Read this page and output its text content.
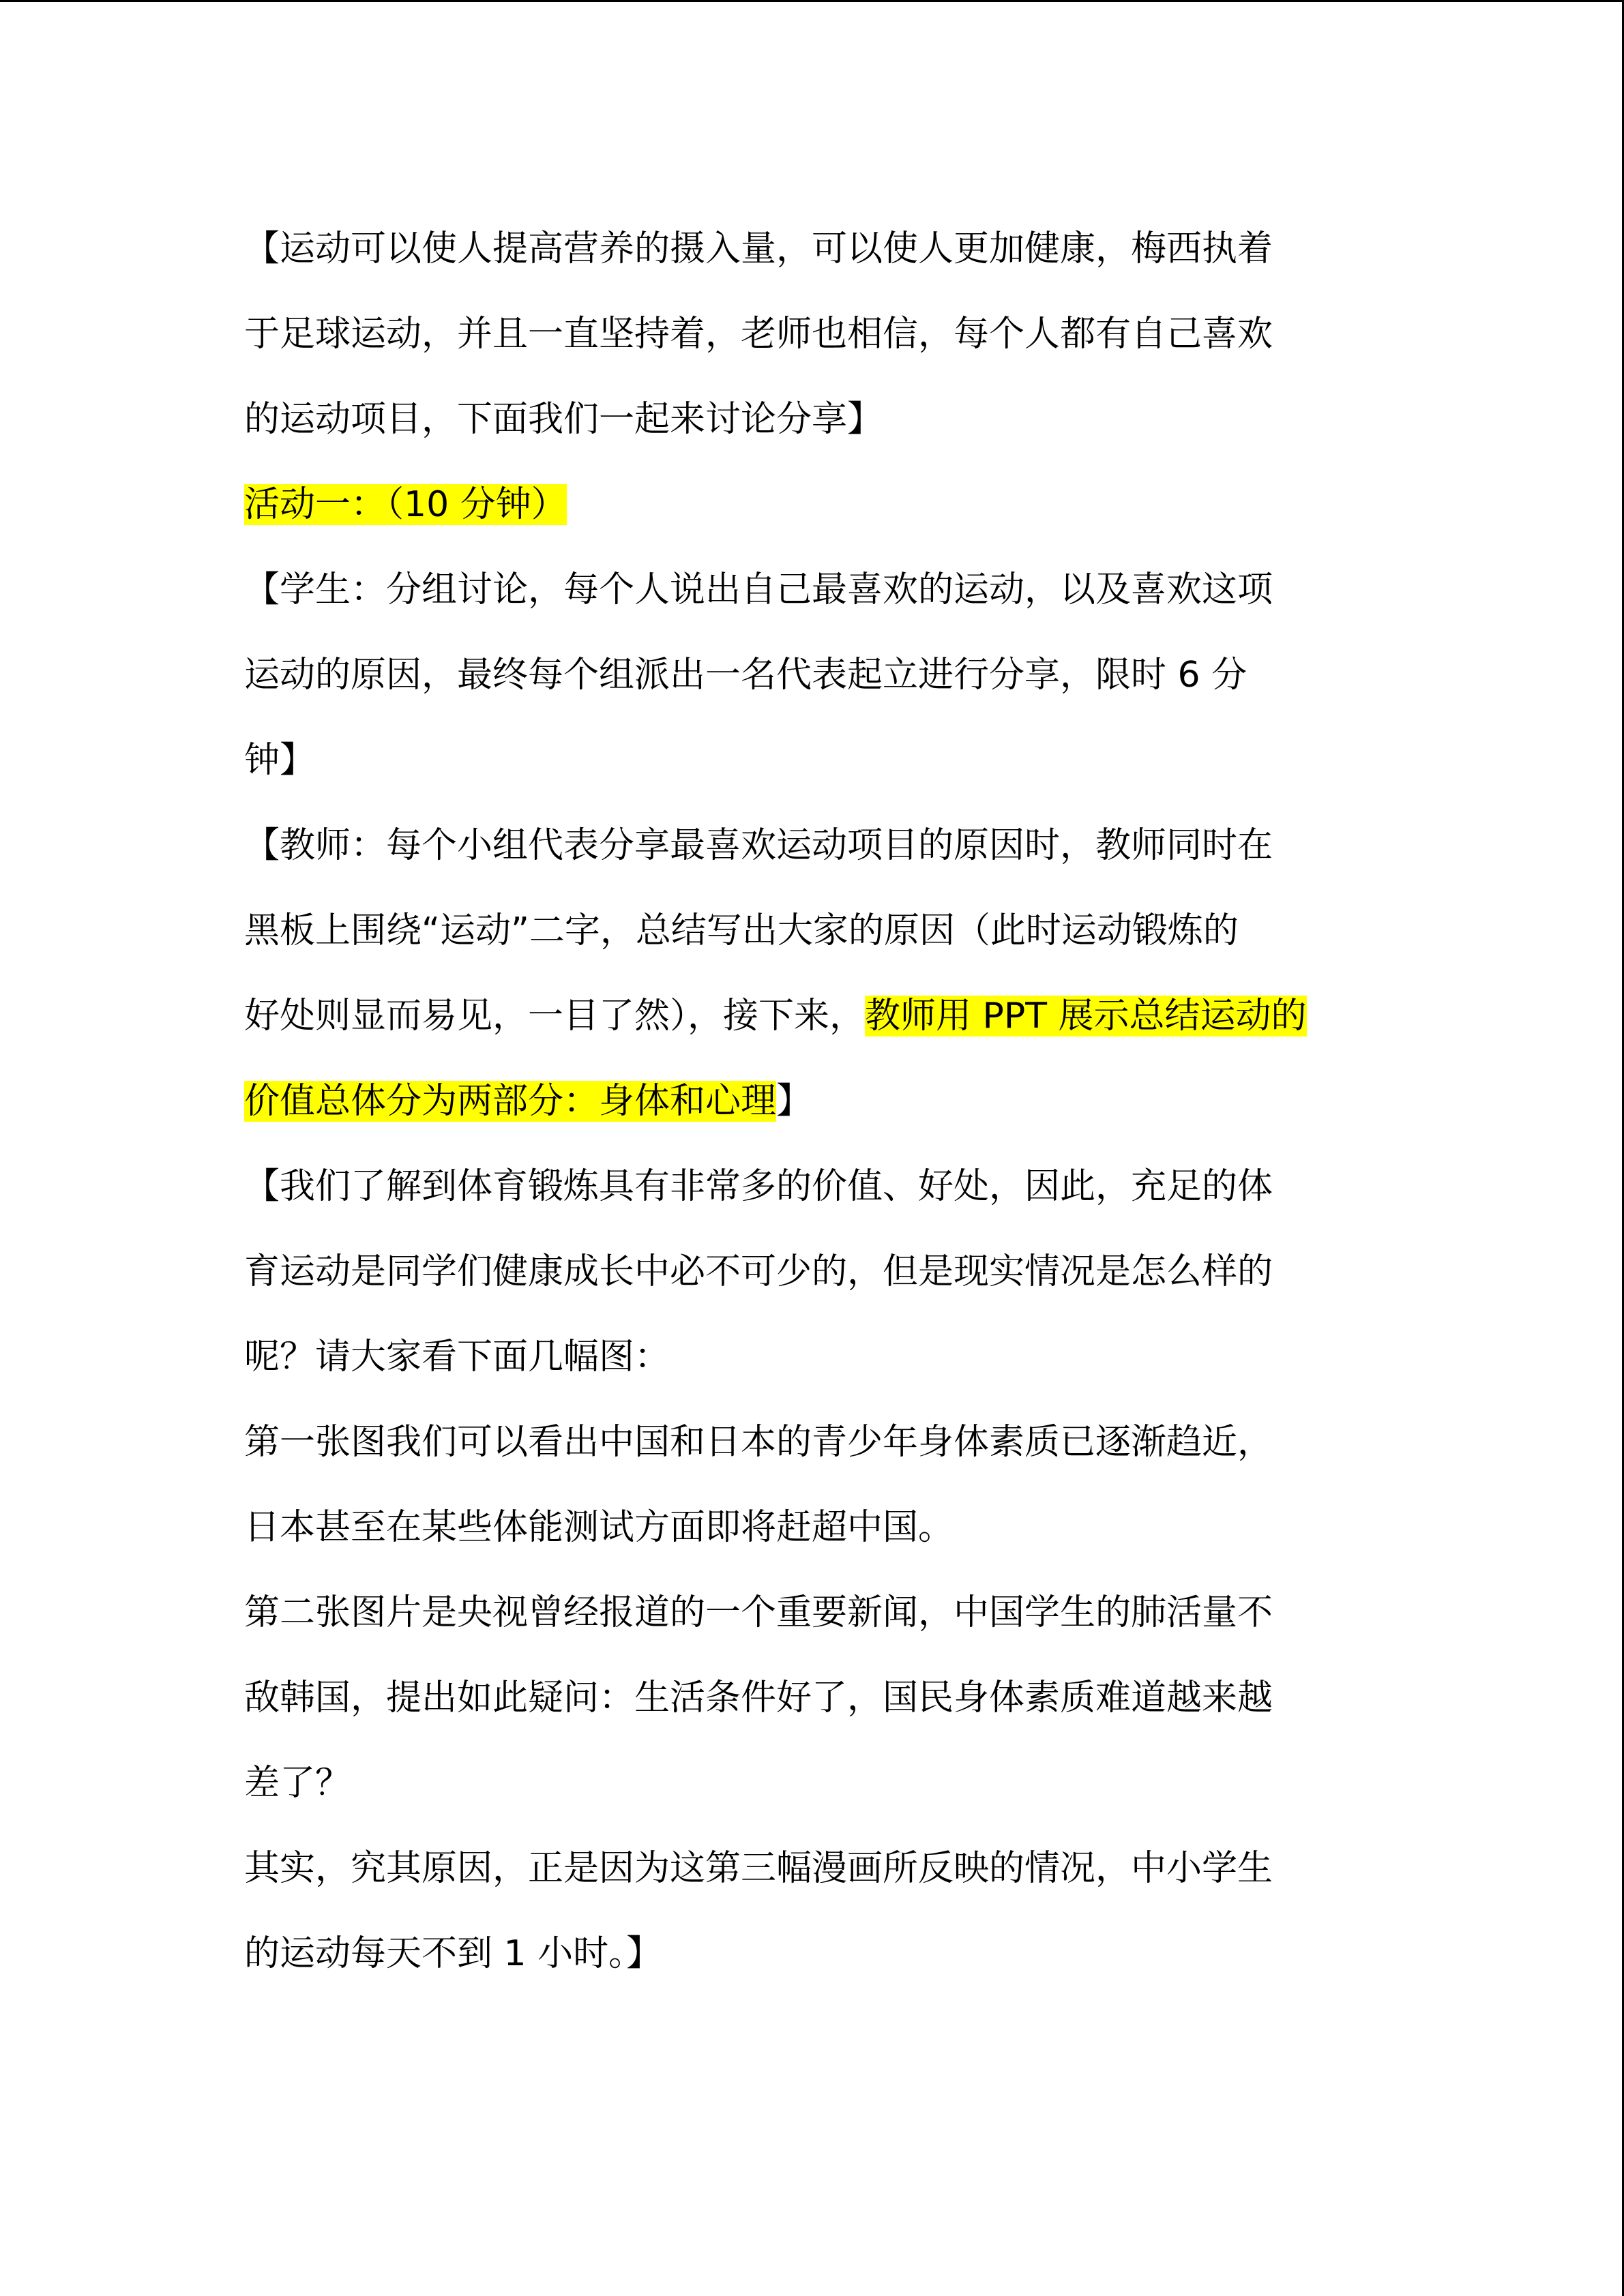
【运动可以使人提高营养的摄入量，可以使人更加健康，梅西执着
于足球运动，并且一直坚持着，老师也相信，每个人都有自己喜欢
的运动项目，下面我们一起来讨论分享】

活动一：（10 分钟）

【学生：分组讨论，每个人说出自己最喜欢的运动，以及喜欢这项
运动的原因，最终每个组派出一名代表起立进行分享，限时 6 分
钟】

【教师：每个小组代表分享最喜欢运动项目的原因时，教师同时在
黑板上围绕“运动”二字，总结写出大家的原因（此时运动锻炼的
好处则显而易见，一目了然），接下来，教师用 PPT 展示总结运动的
价值总体分为两部分：身体和心理】

【我们了解到体育锻炼具有非常多的价值、好处，因此，充足的体
育运动是同学们健康成长中必不可少的，但是现实情况是怎么样的
呢？请大家看下面几幅图：

第一张图我们可以看出中国和日本的青少年身体素质已逐渐趋近，
日本甚至在某些体能测试方面即将赶超中国。

第二张图片是央视曾经报道的一个重要新闻，中国学生的肺活量不
敌韩国，提出如此疑问：生活条件好了，国民身体素质难道越来越
差了？

其实，究其原因，正是因为这第三幅漫画所反映的情况，中小学生
的运动每天不到 1 小时。】
